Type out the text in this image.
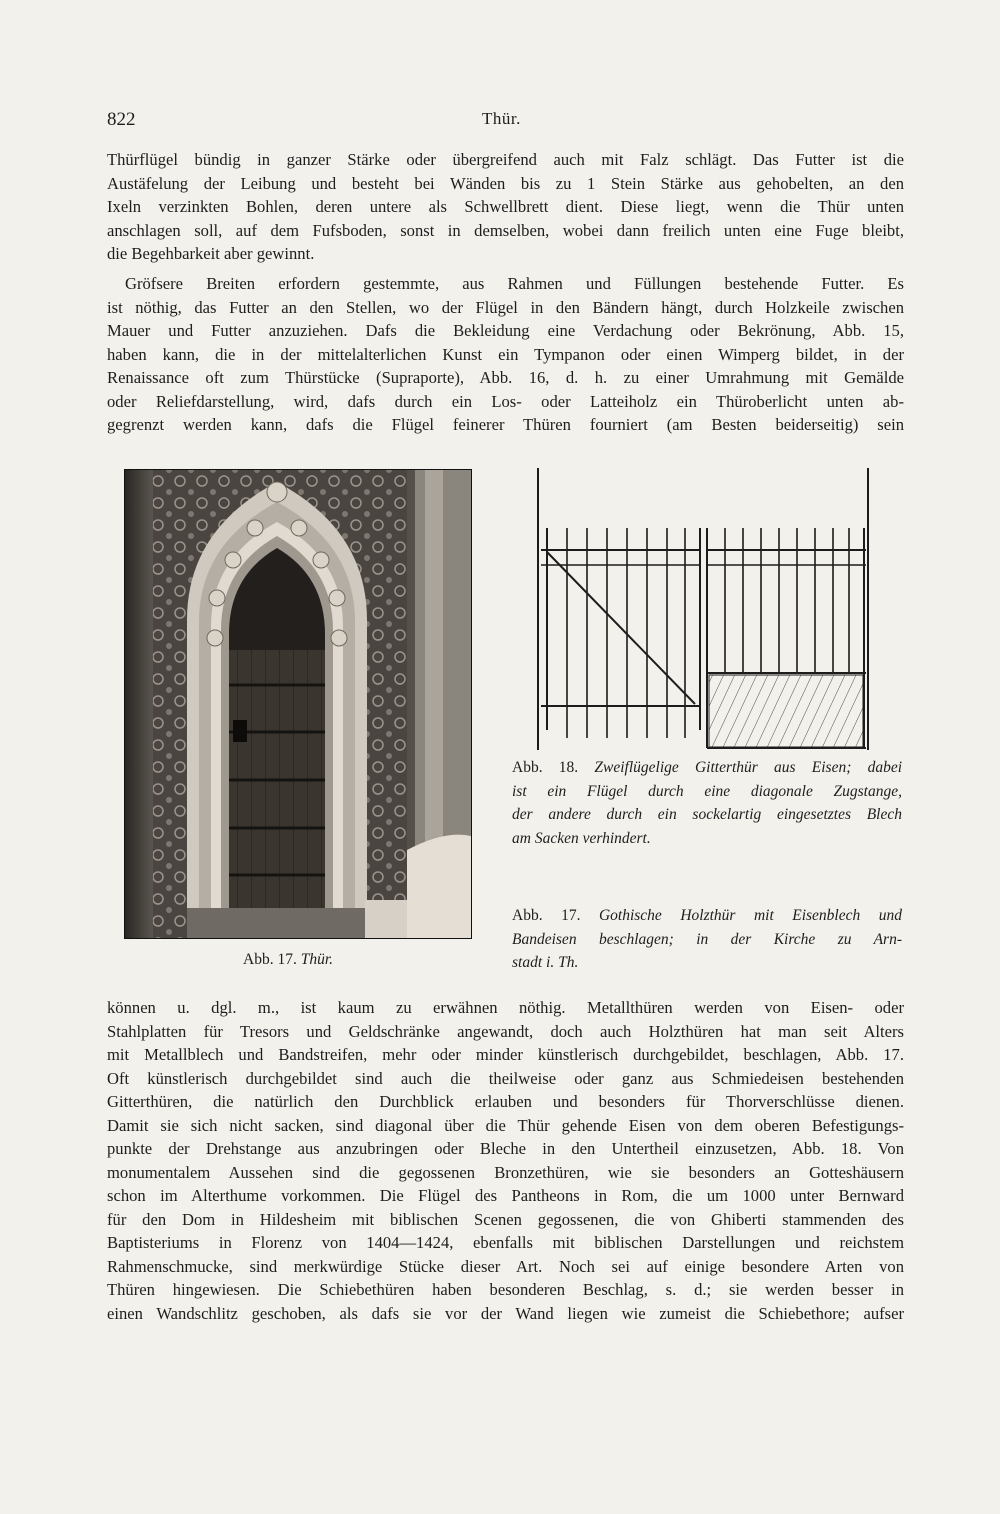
822	Thür.

Thürflügel bündig in ganzer Stärke oder übergreifend auch mit Falz schlägt. Das Futter ist die
Austäfelung der Leibung und besteht bei Wänden bis zu 1 Stein Stärke aus gehobelten, an den
Ixeln verzinkten Bohlen, deren untere als Schwellbrett dient. Diese liegt, wenn die Thür unten
anschlagen soll, auf dem Fufsboden, sonst in demselben, wobei dann freilich unten eine Fuge bleibt,
die Begehbarkeit aber gewinnt.

Gröfsere Breiten erfordern gestemmte, aus Rahmen und Füllungen bestehende Futter. Es
ist nöthig, das Futter an den Stellen, wo der Flügel in den Bändern hängt, durch Holzkeile zwischen
Mauer und Futter anzuziehen. Dafs die Bekleidung eine Verdachung oder Bekrönung, Abb. 15,
haben kann, die in der mittelalterlichen Kunst ein Tympanon oder einen Wimperg bildet, in der
Renaissance oft zum Thürstücke (Supraporte), Abb. 16, d. h. zu einer Umrahmung mit Gemälde
oder Reliefdarstellung, wird, dafs durch ein Los- oder Latteiholz ein Thüroberlicht unten ab-
gegrenzt werden kann, dafs die Flügel feinerer Thüren fourniert (am Besten beiderseitig) sein

Abb. 17. Thür.
Abb. 18. Zweiflügelige Gitterthür aus Eisen; dabei
ist ein Flügel durch eine diagonale Zugstange,
der andere durch ein sockelartig eingesetztes Blech
am Sacken verhindert.
Abb. 17. Gothische Holzthür mit Eisenblech und
Bandeisen beschlagen; in der Kirche zu Arn-
stadt i. Th.

können u. dgl. m., ist kaum zu erwähnen nöthig. Metallthüren werden von Eisen- oder
Stahlplatten für Tresors und Geldschränke angewandt, doch auch Holzthüren hat man seit Alters
mit Metallblech und Bandstreifen, mehr oder minder künstlerisch durchgebildet, beschlagen, Abb. 17.
Oft künstlerisch durchgebildet sind auch die theilweise oder ganz aus Schmiedeisen bestehenden
Gitterthüren, die natürlich den Durchblick erlauben und besonders für Thorverschlüsse dienen.
Damit sie sich nicht sacken, sind diagonal über die Thür gehende Eisen von dem oberen Befestigungs-
punkte der Drehstange aus anzubringen oder Bleche in den Untertheil einzusetzen, Abb. 18. Von
monumentalem Aussehen sind die gegossenen Bronzethüren, wie sie besonders an Gotteshäusern
schon im Alterthume vorkommen. Die Flügel des Pantheons in Rom, die um 1000 unter Bernward
für den Dom in Hildesheim mit biblischen Scenen gegossenen, die von Ghiberti stammenden des
Baptisteriums in Florenz von 1404—1424, ebenfalls mit biblischen Darstellungen und reichstem
Rahmenschmucke, sind merkwürdige Stücke dieser Art. Noch sei auf einige besondere Arten von
Thüren hingewiesen. Die Schiebethüren haben besonderen Beschlag, s. d.; sie werden besser in
einen Wandschlitz geschoben, als dafs sie vor der Wand liegen wie zumeist die Schiebethore; aufser
